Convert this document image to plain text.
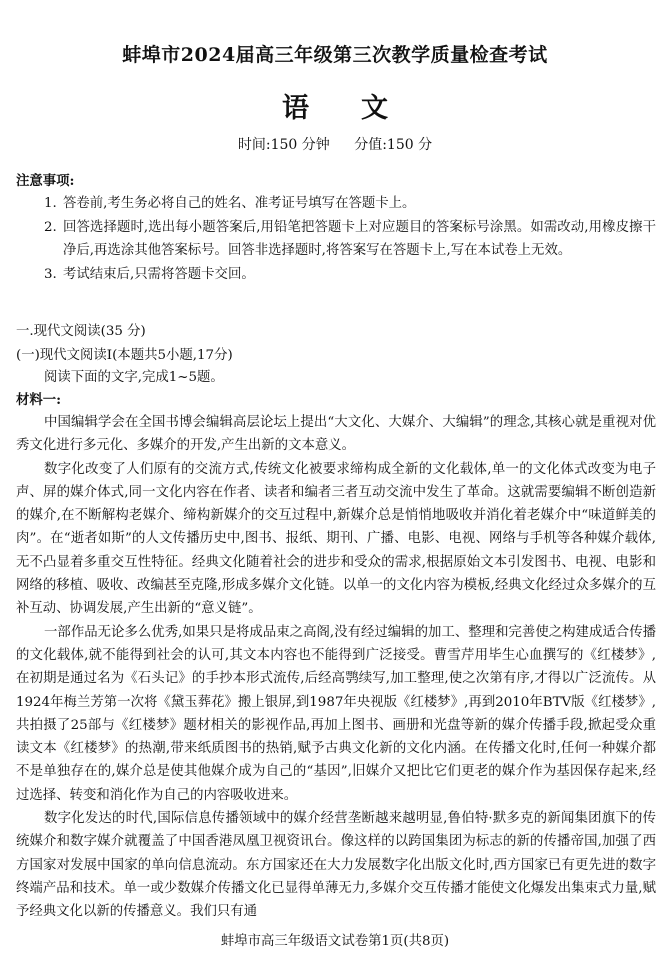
蚌埠市2024届高三年级第三次教学质量检查考试
语 文
时间:150 分钟 分值:150 分
注意事项:
1. 答卷前,考生务必将自己的姓名、准考证号填写在答题卡上。
2. 回答选择题时,选出每小题答案后,用铅笔把答题卡上对应题目的答案标号涂黑。如需改动,用橡皮擦干净后,再选涂其他答案标号。回答非选择题时,将答案写在答题卡上,写在本试卷上无效。
3. 考试结束后,只需将答题卡交回。
一.现代文阅读(35 分)
(一)现代文阅读Ⅰ(本题共5小题,17分)
阅读下面的文字,完成1~5题。
材料一:

中国编辑学会在全国书博会编辑高层论坛上提出“大文化、大媒介、大编辑”的理念,其核心就是重视对优秀文化进行多元化、多媒介的开发,产生出新的文本意义。

数字化改变了人们原有的交流方式,传统文化被要求缔构成全新的文化载体,单一的文化体式改变为电子声、屏的媒介体式,同一文化内容在作者、读者和编者三者互动交流中发生了革命。这就需要编辑不断创造新的媒介,在不断解构老媒介、缔构新媒介的交互过程中,新媒介总是悄悄地吸收并消化着老媒介中“味道鲜美的肉”。在“逝者如斯”的人文传播历史中,图书、报纸、期刊、广播、电影、电视、网络与手机等各种媒介载体,无不凸显着多重交互性特征。经典文化随着社会的进步和受众的需求,根据原始文本引发图书、电视、电影和网络的移植、吸收、改编甚至克隆,形成多媒介文化链。以单一的文化内容为模板,经典文化经过众多媒介的互补互动、协调发展,产生出新的“意义链”。

一部作品无论多么优秀,如果只是将成品束之高阁,没有经过编辑的加工、整理和完善使之构建成适合传播的文化载体,就不能得到社会的认可,其文本内容也不能得到广泛接受。曹雪芹用毕生心血撰写的《红楼梦》,在初期是通过名为《石头记》的手抄本形式流传,后经高鹗续写,加工整理,使之次第有序,才得以广泛流传。从1924年梅兰芳第一次将《黛玉葬花》搬上银屏,到1987年央视版《红楼梦》,再到2010年BTV版《红楼梦》,共拍摄了25部与《红楼梦》题材相关的影视作品,再加上图书、画册和光盘等新的媒介传播手段,掀起受众重读文本《红楼梦》的热潮,带来纸质图书的热销,赋予古典文化新的文化内涵。在传播文化时,任何一种媒介都不是单独存在的,媒介总是使其他媒介成为自己的“基因”,旧媒介又把比它们更老的媒介作为基因保存起来,经过选择、转变和消化作为自己的内容吸收进来。

数字化发达的时代,国际信息传播领域中的媒介经营垄断越来越明显,鲁伯特·默多克的新闻集团旗下的传统媒介和数字媒介就覆盖了中国香港凤凰卫视资讯台。像这样的以跨国集团为标志的新的传播帝国,加强了西方国家对发展中国家的单向信息流动。东方国家还在大力发展数字化出版文化时,西方国家已有更先进的数字终端产品和技术。单一或少数媒介传播文化已显得单薄无力,多媒介交互传播才能使文化爆发出集束式力量,赋予经典文化以新的传播意义。我们只有通

蚌埠市高三年级语文试卷第1页(共8页)
